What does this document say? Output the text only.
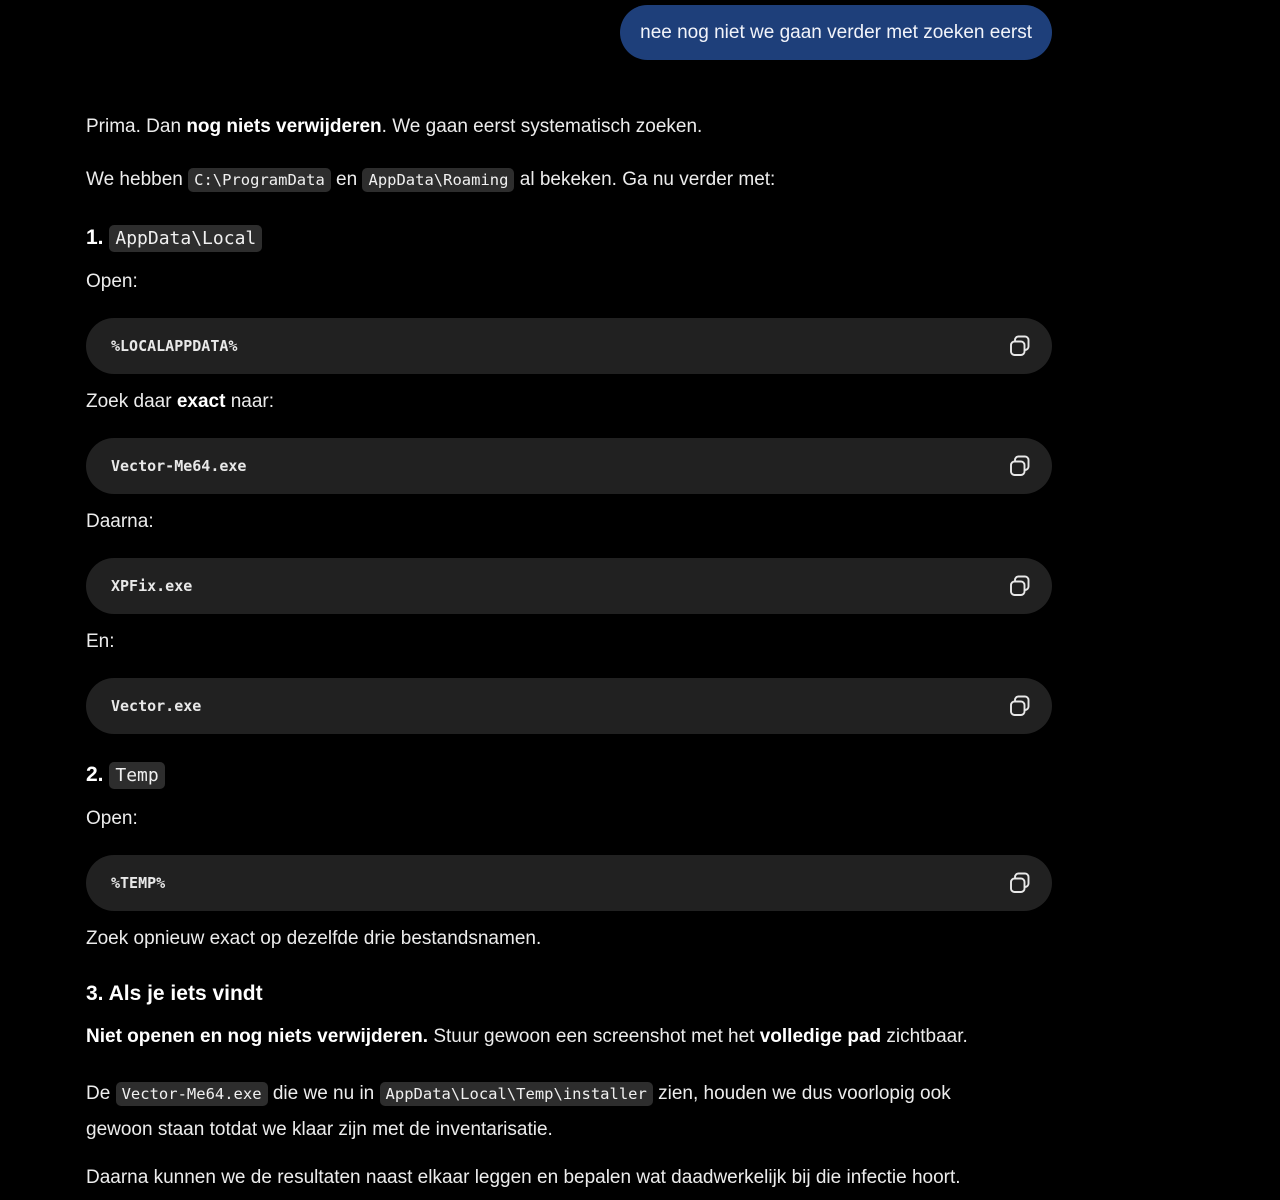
nee nog niet we gaan verder met zoeken eerst

Prima. Dan nog niets verwijderen. We gaan eerst systematisch zoeken.

We hebben C:\ProgramData en AppData\Roaming al bekeken. Ga nu verder met:

1. AppData\Local

Open:

%LOCALAPPDATA%

Zoek daar exact naar:

Vector-Me64.exe

Daarna:

XPFix.exe

En:

Vector.exe
2. Temp

Open:

%TEMP%

Zoek opnieuw exact op dezelfde drie bestandsnamen.

3. Als je iets vindt

Niet openen en nog niets verwijderen. Stuur gewoon een screenshot met het volledige pad zichtbaar.

De Vector-Me64.exe die we nu in AppData\Local\Temp\installer zien, houden we dus voorlopig ook
gewoon staan totdat we klaar zijn met de inventarisatie.

Daarna kunnen we de resultaten naast elkaar leggen en bepalen wat daadwerkelijk bij die infectie hoort.
